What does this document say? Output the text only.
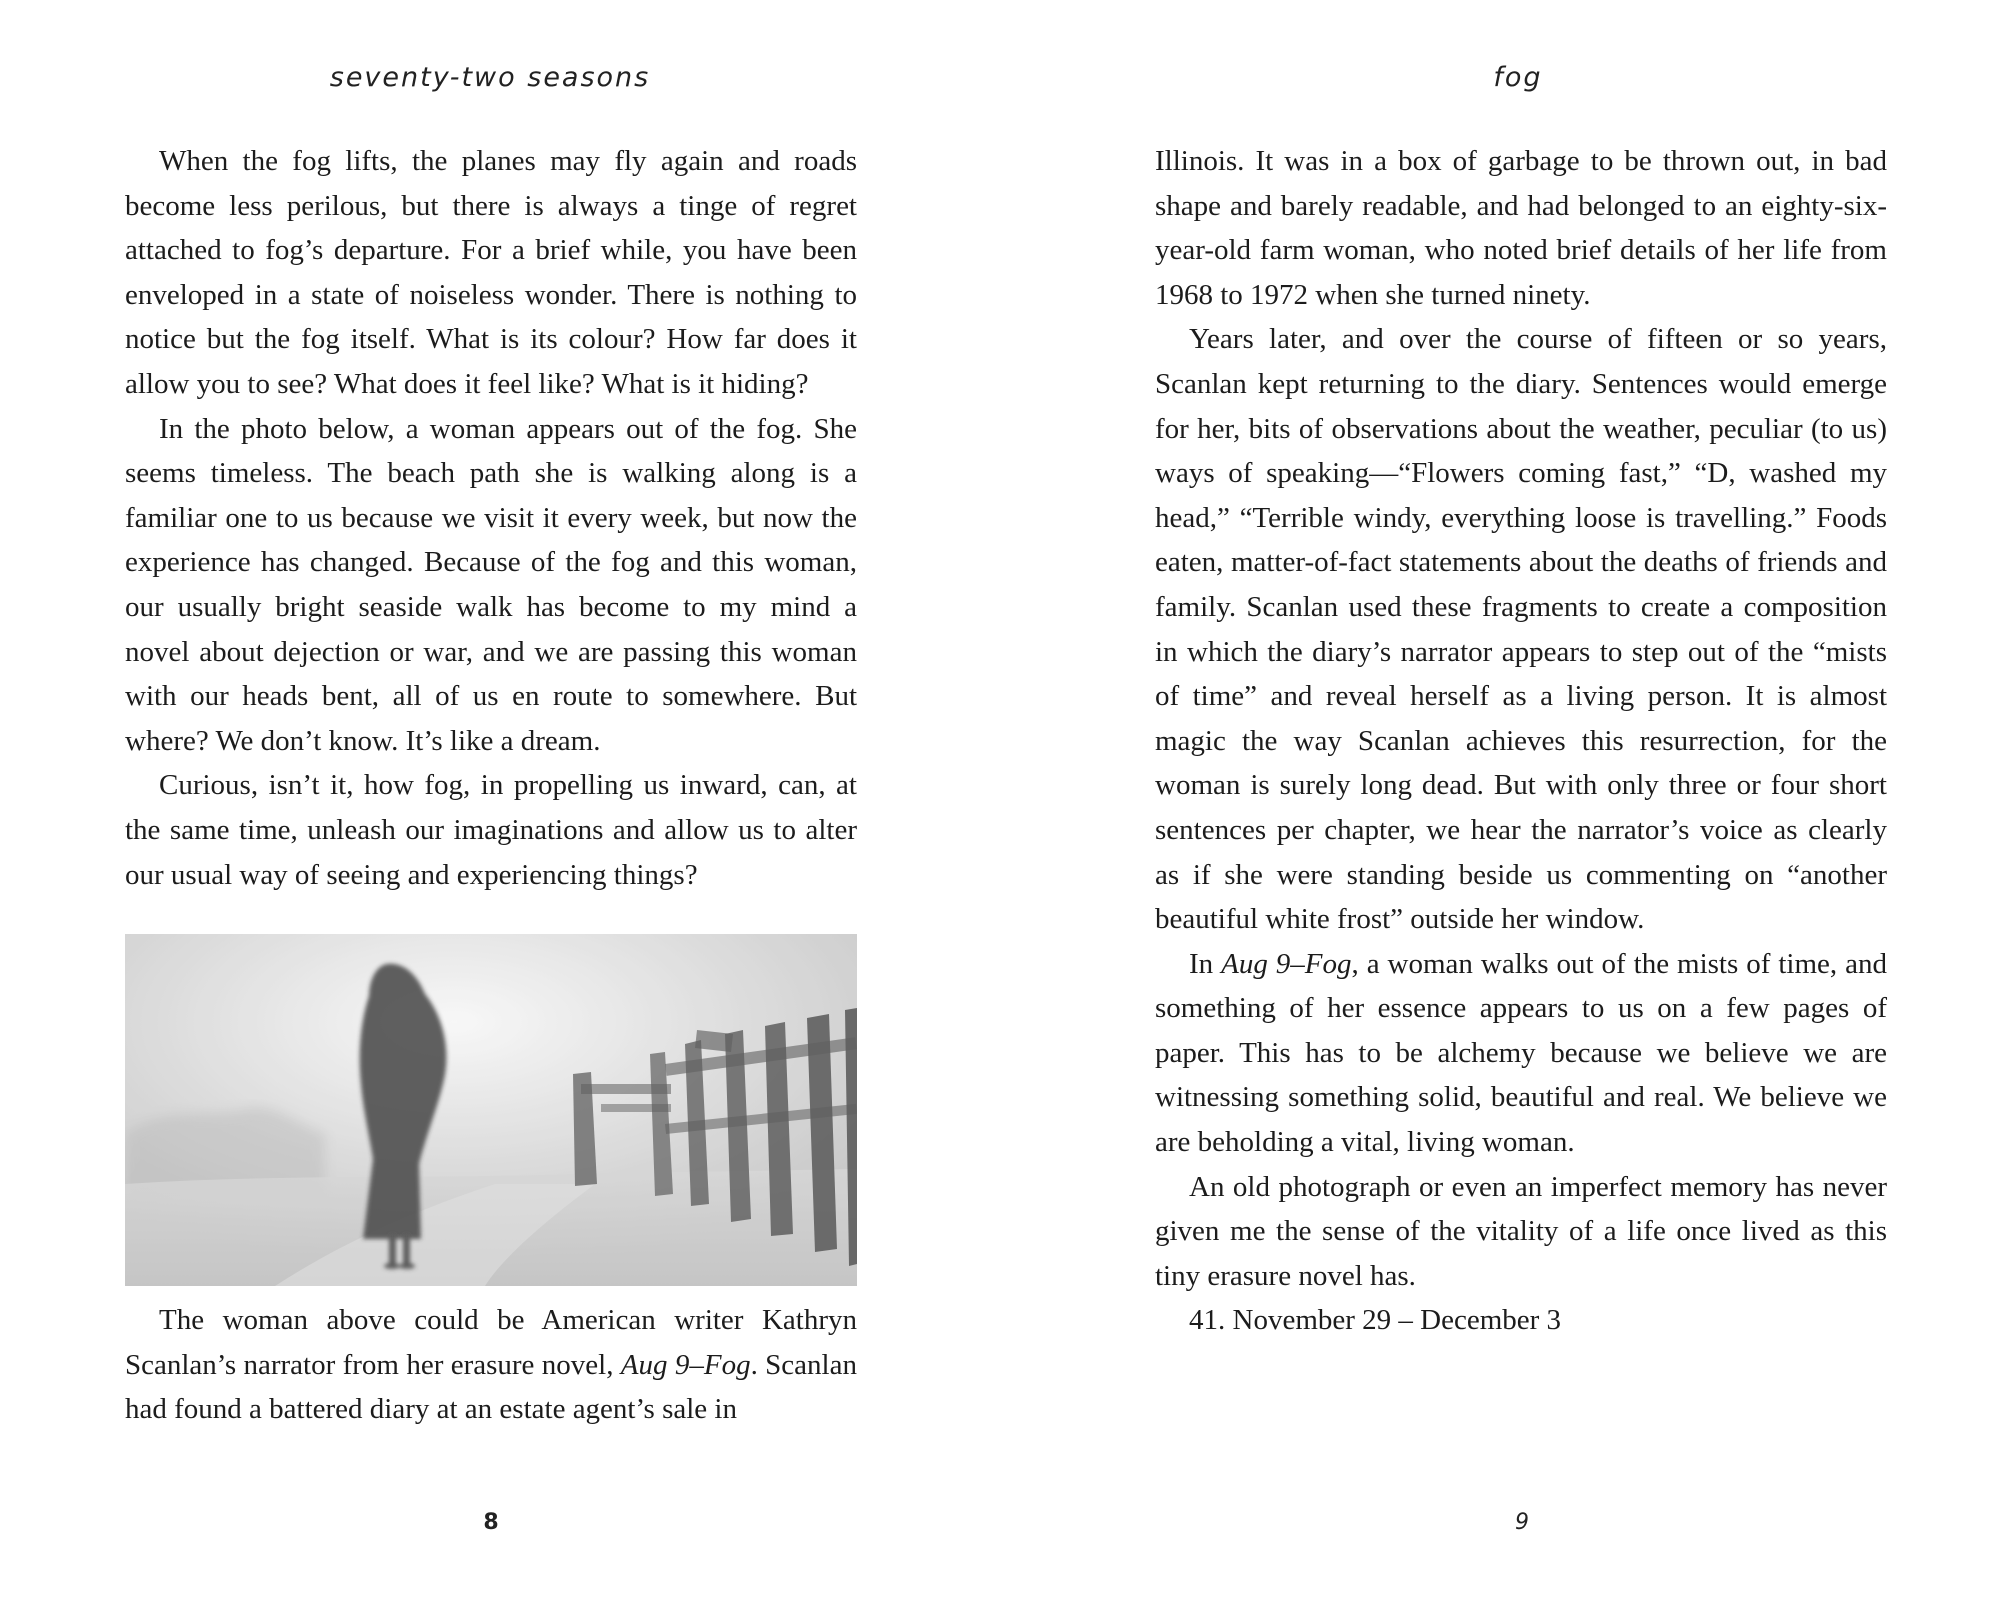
seventy-two seasons

When the fog lifts, the planes may fly again and roads become less perilous, but there is always a tinge of regret attached to fog’s departure. For a brief while, you have been enveloped in a state of noiseless wonder. There is nothing to notice but the fog itself. What is its colour? How far does it allow you to see? What does it feel like? What is it hiding?

In the photo below, a woman appears out of the fog. She seems timeless. The beach path she is walking along is a familiar one to us because we visit it every week, but now the experience has changed. Because of the fog and this woman, our usually bright seaside walk has become to my mind a novel about dejection or war, and we are passing this woman with our heads bent, all of us en route to somewhere. But where? We don’t know. It’s like a dream.

Curious, isn’t it, how fog, in propelling us inward, can, at the same time, unleash our imaginations and allow us to alter our usual way of seeing and experiencing things?

The woman above could be American writer Kathryn Scanlan’s narrator from her erasure novel, Aug 9–Fog. Scanlan had found a battered diary at an estate agent’s sale in

8
fog

Illinois. It was in a box of garbage to be thrown out, in bad shape and barely readable, and had belonged to an eighty-six-year-old farm woman, who noted brief details of her life from 1968 to 1972 when she turned ninety.

Years later, and over the course of fifteen or so years, Scanlan kept returning to the diary. Sentences would emerge for her, bits of observations about the weather, peculiar (to us) ways of speaking—“Flowers coming fast,” “D, washed my head,” “Terrible windy, everything loose is travelling.” Foods eaten, matter-of-fact statements about the deaths of friends and family. Scanlan used these fragments to create a composition in which the diary’s narrator appears to step out of the “mists of time” and reveal herself as a living person. It is almost magic the way Scanlan achieves this resurrection, for the woman is surely long dead. But with only three or four short sentences per chapter, we hear the narrator’s voice as clearly as if she were standing beside us commenting on “another beautiful white frost” outside her window.

In Aug 9–Fog, a woman walks out of the mists of time, and something of her essence appears to us on a few pages of paper. This has to be alchemy because we believe we are witnessing something solid, beautiful and real. We believe we are beholding a vital, living woman.

An old photograph or even an imperfect memory has never given me the sense of the vitality of a life once lived as this tiny erasure novel has.

41. November 29 – December 3

9
